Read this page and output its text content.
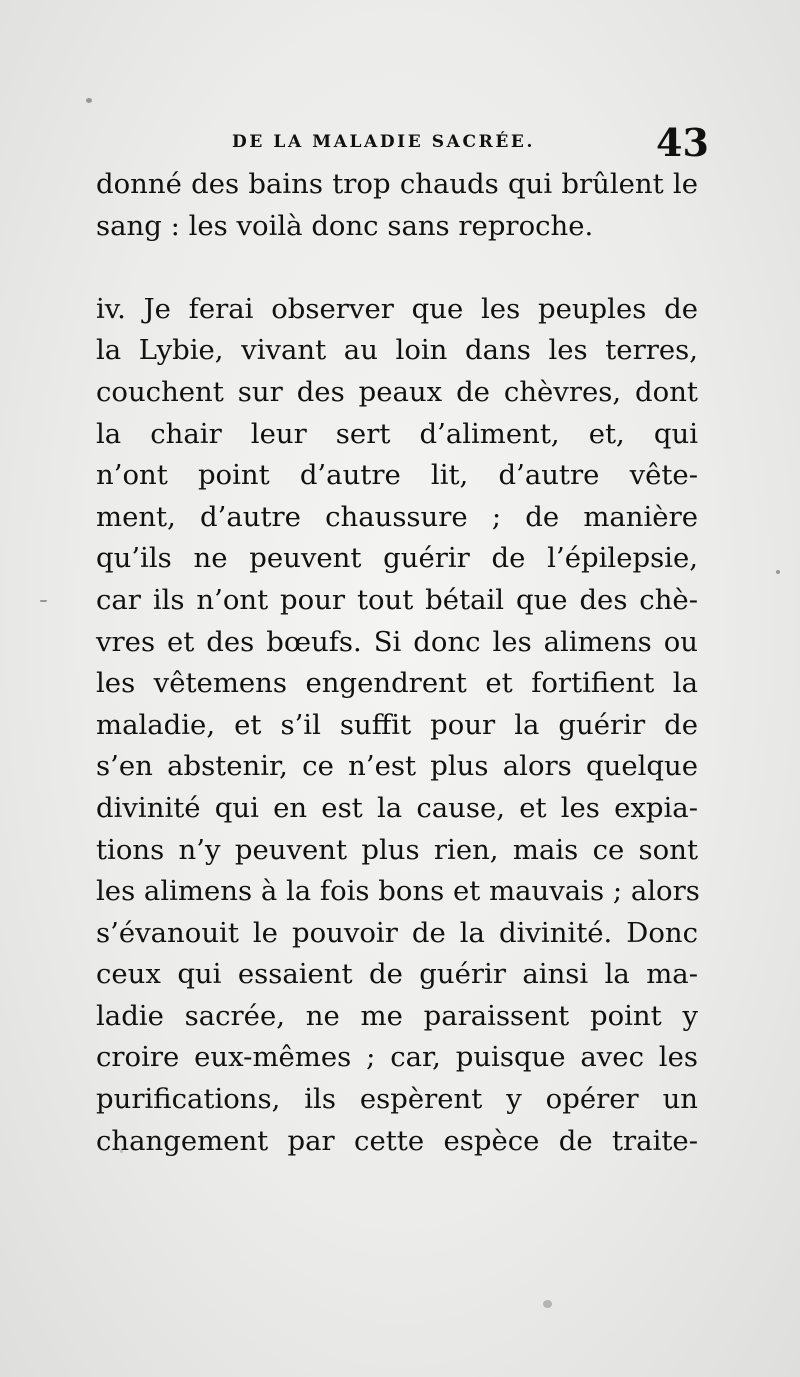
DE LA MALADIE SACRÉE.	43
donné des bains trop chauds qui brûlent le
sang : les voilà donc sans reproche.
iv. Je ferai observer que les peuples de
la Lybie, vivant au loin dans les terres,
couchent sur des peaux de chèvres, dont
la chair leur sert d’aliment, et, qui
n’ont point d’autre lit, d’autre vête-
ment, d’autre chaussure ; de manière
qu’ils ne peuvent guérir de l’épilepsie,
car ils n’ont pour tout bétail que des chè-
vres et des bœufs. Si donc les alimens ou
les vêtemens engendrent et fortifient la
maladie, et s’il suffit pour la guérir de
s’en abstenir, ce n’est plus alors quelque
divinité qui en est la cause, et les expia-
tions n’y peuvent plus rien, mais ce sont
les alimens à la fois bons et mauvais ; alors
s’évanouit le pouvoir de la divinité. Donc
ceux qui essaient de guérir ainsi la ma-
ladie sacrée, ne me paraissent point y
croire eux-mêmes ; car, puisque avec les
purifications, ils espèrent y opérer un
changement par cette espèce de traite-
